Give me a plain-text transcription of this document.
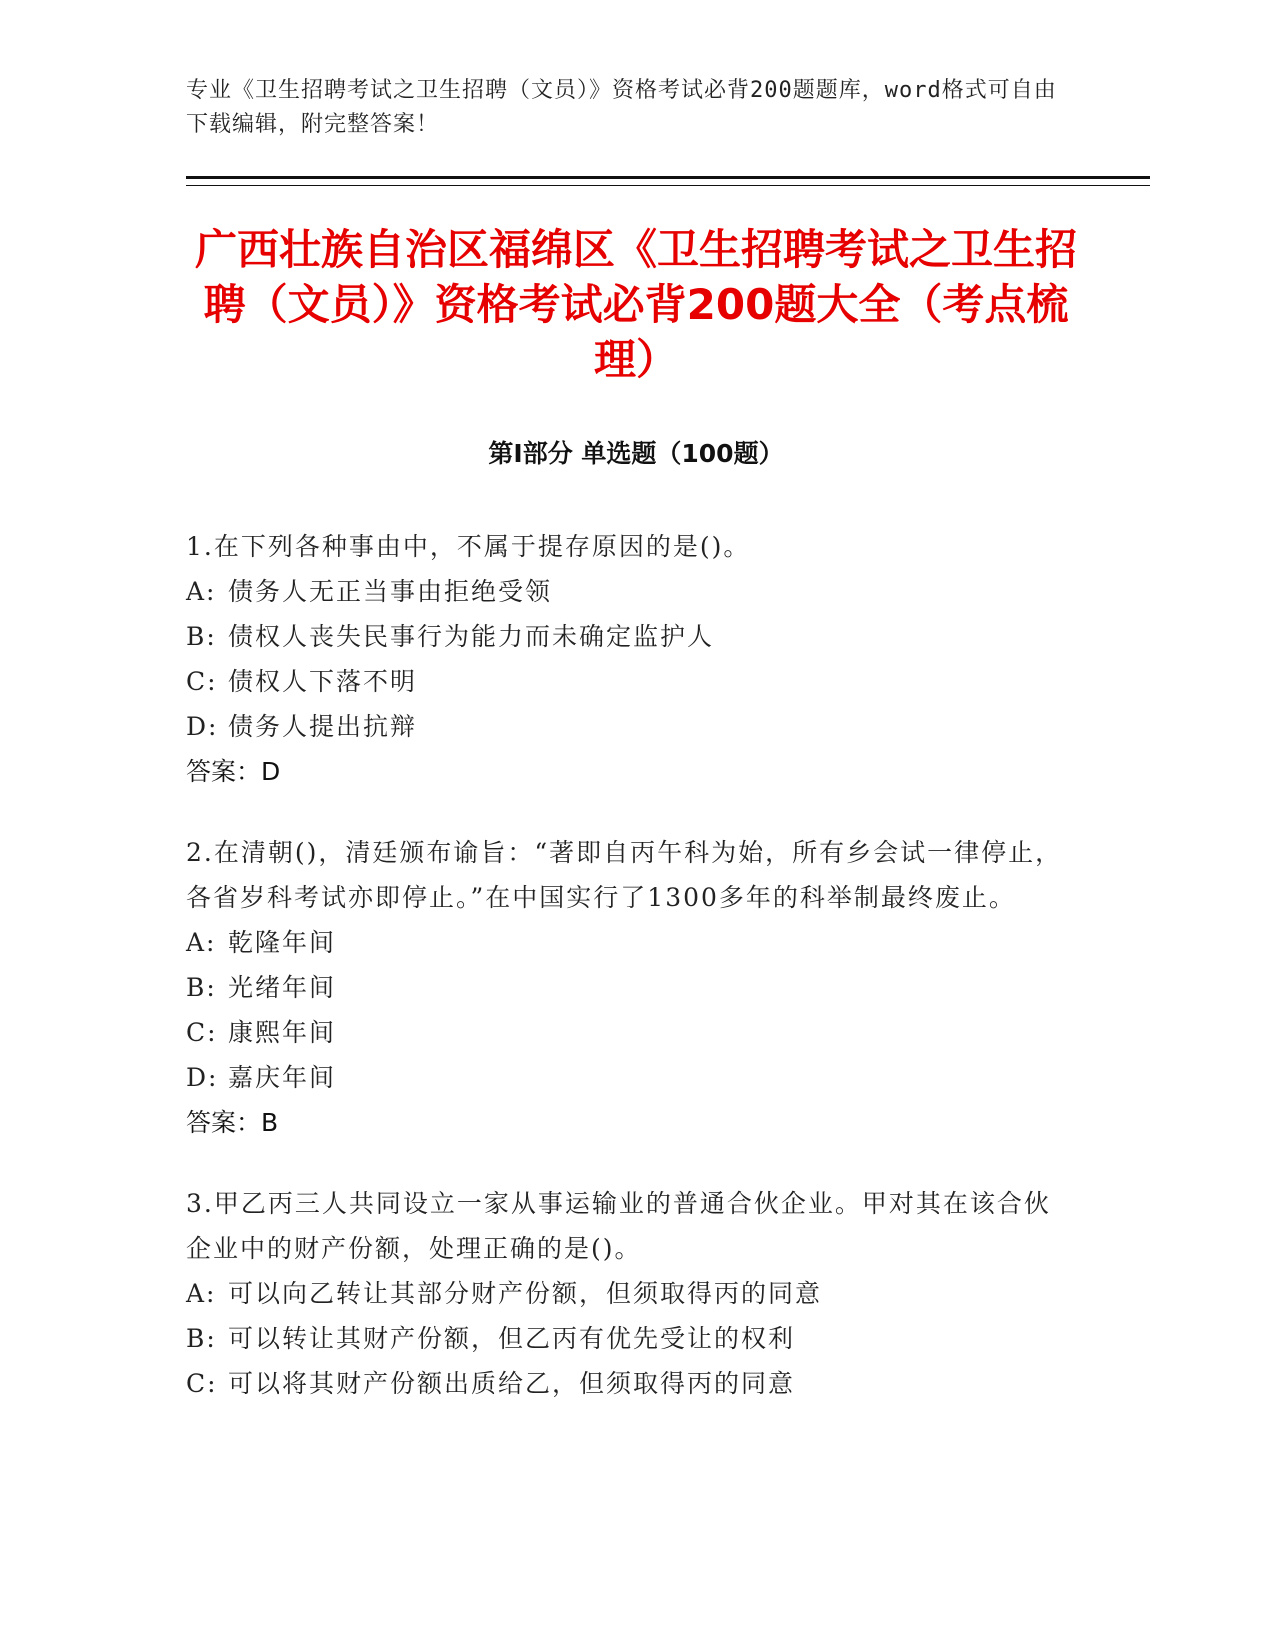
专业《卫生招聘考试之卫生招聘（文员）》资格考试必背200题题库，word格式可自由下载编辑，附完整答案！
广西壮族自治区福绵区《卫生招聘考试之卫生招聘（文员）》资格考试必背200题大全（考点梳理）
第I部分 单选题（100题）
1.在下列各种事由中，不属于提存原因的是()。
A: 债务人无正当事由拒绝受领
B: 债权人丧失民事行为能力而未确定监护人
C: 债权人下落不明
D: 债务人提出抗辩
答案：D
2.在清朝()，清廷颁布谕旨：“著即自丙午科为始，所有乡会试一律停止，各省岁科考试亦即停止。”在中国实行了1300多年的科举制最终废止。
A: 乾隆年间
B: 光绪年间
C: 康熙年间
D: 嘉庆年间
答案：B
3.甲乙丙三人共同设立一家从事运输业的普通合伙企业。甲对其在该合伙企业中的财产份额，处理正确的是()。
A: 可以向乙转让其部分财产份额，但须取得丙的同意
B: 可以转让其财产份额，但乙丙有优先受让的权利
C: 可以将其财产份额出质给乙，但须取得丙的同意
